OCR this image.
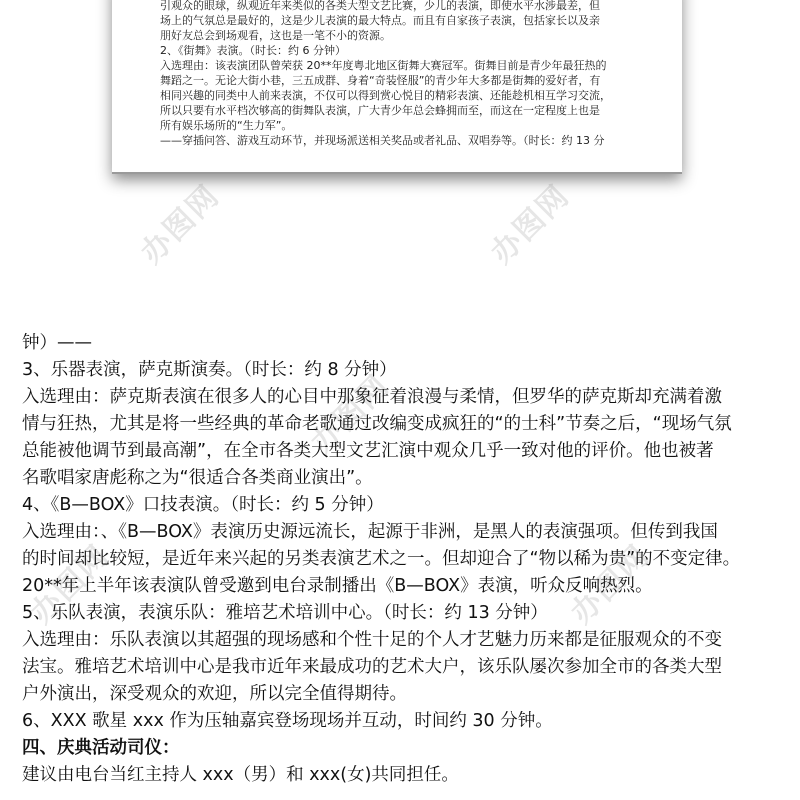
办图网	办图网
办图网
办图网	办图网
引观众的眼球，纵观近年来类似的各类大型文艺比赛，少儿的表演，即使水平水涉最差，但
场上的气氛总是最好的，这是少儿表演的最大特点。而且有自家孩子表演，包括家长以及亲
朋好友总会到场观看，这也是一笔不小的资源。
2、《街舞》表演。（时长：约 6 分钟）
入选理由：该表演团队曾荣获 20**年度粤北地区街舞大赛冠军。街舞目前是青少年最狂热的
舞蹈之一。无论大街小巷，三五成群、身着“奇装怪服”的青少年大多都是街舞的爱好者，有
相同兴趣的同类中人前来表演，不仅可以得到赏心悦目的精彩表演、还能趁机相互学习交流，
所以只要有水平档次够高的街舞队表演，广大青少年总会蜂拥而至，而这在一定程度上也是
所有娱乐场所的“生力军”。
——穿插问答、游戏互动环节，并现场派送相关奖品或者礼品、双唱券等。（时长：约 13 分
钟）——
3、乐器表演，萨克斯演奏。（时长：约 8 分钟）
入选理由：萨克斯表演在很多人的心目中那象征着浪漫与柔情，但罗华的萨克斯却充满着激
情与狂热，尤其是将一些经典的革命老歌通过改编变成疯狂的“的士科”节奏之后，“现场气氛
总能被他调节到最高潮”，在全市各类大型文艺汇演中观众几乎一致对他的评价。他也被著
名歌唱家唐彪称之为“很适合各类商业演出”。
4、《B—BOX》口技表演。（时长：约 5 分钟）
入选理由：、《B—BOX》表演历史源远流长，起源于非洲，是黑人的表演强项。但传到我国
的时间却比较短，是近年来兴起的另类表演艺术之一。但却迎合了“物以稀为贵”的不变定律。
20**年上半年该表演队曾受邀到电台录制播出《B—BOX》表演，听众反响热烈。
5、乐队表演，表演乐队：雅培艺术培训中心。（时长：约 13 分钟）
入选理由：乐队表演以其超强的现场感和个性十足的个人才艺魅力历来都是征服观众的不变
法宝。雅培艺术培训中心是我市近年来最成功的艺术大户，该乐队屡次参加全市的各类大型
户外演出，深受观众的欢迎，所以完全值得期待。
6、XXX 歌星 xxx 作为压轴嘉宾登场现场并互动，时间约 30 分钟。
四、庆典活动司仪：
建议由电台当红主持人 xxx（男）和 xxx(女)共同担任。
